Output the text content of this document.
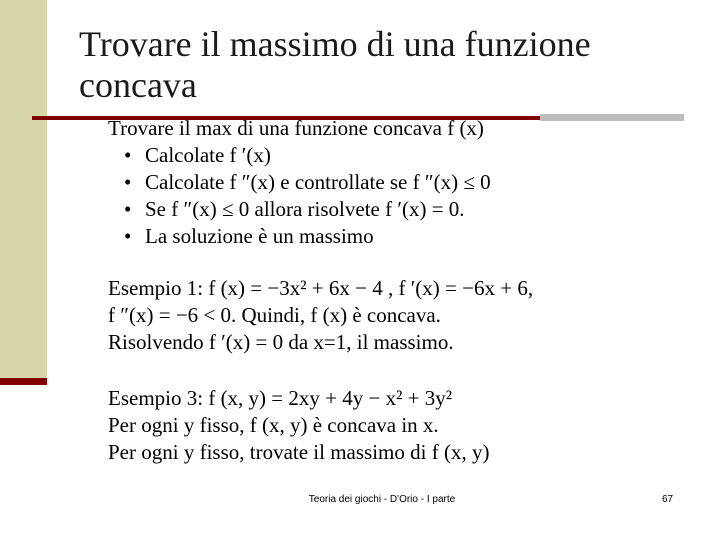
Trovare il massimo di una funzione
concava
Trovare il max di una funzione concava f (x)
• Calcolate f ′(x)
• Calcolate f ″(x) e controllate se f ″(x) ≤ 0
• Se f ″(x) ≤ 0 allora risolvete f ′(x) = 0.
• La soluzione è un massimo
Esempio 1: f (x) = −3x² + 6x − 4 , f ′(x) = −6x + 6,
f ″(x) = −6 < 0. Quindi, f (x) è concava.
Risolvendo f ′(x) = 0 da x=1, il massimo.
Esempio 3: f (x, y) = 2xy + 4y − x² + 3y²
Per ogni y fisso, f (x, y) è concava in x.
Per ogni y fisso, trovate il massimo di f (x, y)
Teoria dei giochi - D'Orio - I parte	67
